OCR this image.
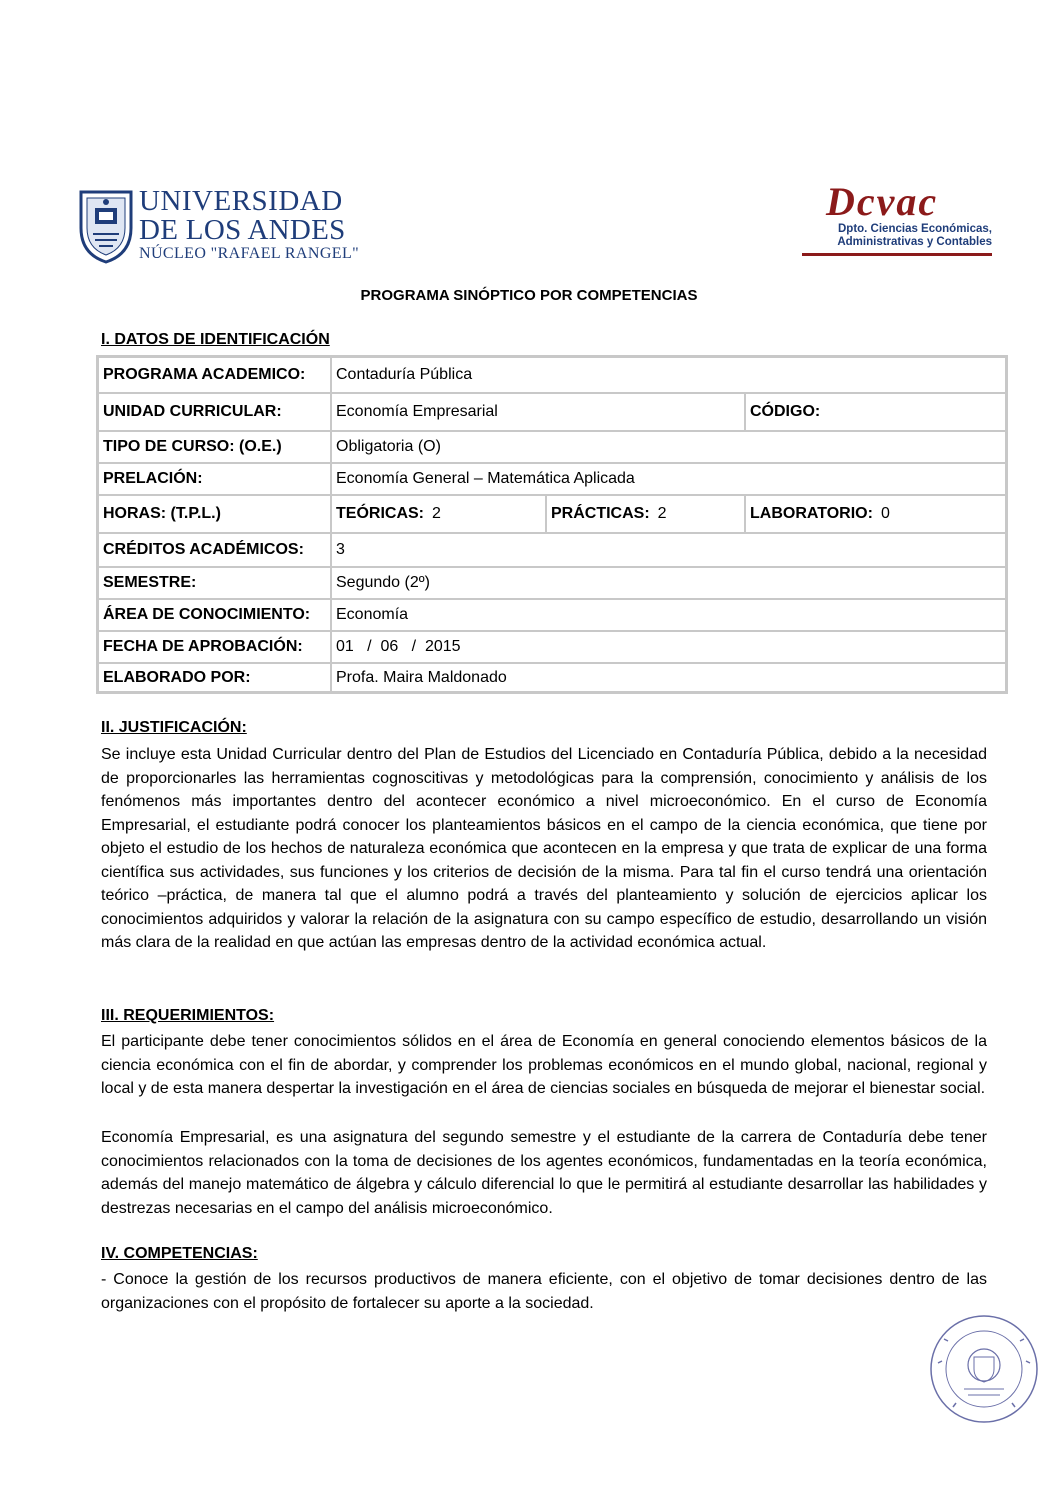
UNIVERSIDAD
DE LOS ANDES
NÚCLEO "RAFAEL RANGEL"
Dcvac
Dpto. Ciencias Económicas,
Administrativas y Contables
PROGRAMA SINÓPTICO POR COMPETENCIAS
I. DATOS DE IDENTIFICACIÓN
PROGRAMA ACADEMICO:	Contaduría Pública
UNIDAD CURRICULAR:	Economía Empresarial	CÓDIGO:
TIPO DE CURSO: (O.E.)	Obligatoria (O)
PRELACIÓN:	Economía General – Matemática Aplicada
HORAS: (T.P.L.)	TEÓRICAS: 2	PRÁCTICAS: 2	LABORATORIO: 0
CRÉDITOS ACADÉMICOS:	3
SEMESTRE:	Segundo (2º)
ÁREA DE CONOCIMIENTO:	Economía
FECHA DE APROBACIÓN:	01   /  06   /  2015
ELABORADO POR:	Profa. Maira Maldonado
II. JUSTIFICACIÓN:
Se incluye esta Unidad Curricular dentro del Plan de Estudios del Licenciado en Contaduría Pública, debido a la necesidad de proporcionarles las herramientas cognoscitivas y metodológicas para la comprensión, conocimiento y análisis de los fenómenos más importantes dentro del acontecer económico a nivel microeconómico. En el curso de Economía Empresarial, el estudiante podrá conocer los planteamientos básicos en el campo de la ciencia económica, que tiene por objeto el estudio de los hechos de naturaleza económica que acontecen en la empresa y que trata de explicar de una forma científica sus actividades, sus funciones y los criterios de decisión de la misma. Para tal fin el curso tendrá una orientación teórico –práctica, de manera tal que el alumno podrá a través del planteamiento y solución de ejercicios aplicar los conocimientos adquiridos y valorar la relación de la asignatura con su campo específico de estudio, desarrollando un visión más clara de la realidad en que actúan las empresas dentro de la actividad económica actual.
III. REQUERIMIENTOS:
El participante debe tener conocimientos sólidos en el área de Economía en general conociendo elementos básicos de la ciencia económica con el fin de abordar, y comprender los problemas económicos en el mundo global, nacional, regional y local y de esta manera despertar la investigación en el área de ciencias sociales en búsqueda de mejorar el bienestar social.
Economía Empresarial, es una asignatura del segundo semestre y el estudiante de la carrera de Contaduría debe tener conocimientos relacionados con la toma de decisiones de los agentes económicos, fundamentadas en la teoría económica, además del manejo matemático de álgebra y cálculo diferencial lo que le permitirá al estudiante desarrollar las habilidades y destrezas necesarias en el campo del análisis microeconómico.
IV. COMPETENCIAS:
- Conoce la gestión de los recursos productivos de manera eficiente, con el objetivo de tomar decisiones dentro de las organizaciones con el propósito de fortalecer su aporte a la sociedad.
